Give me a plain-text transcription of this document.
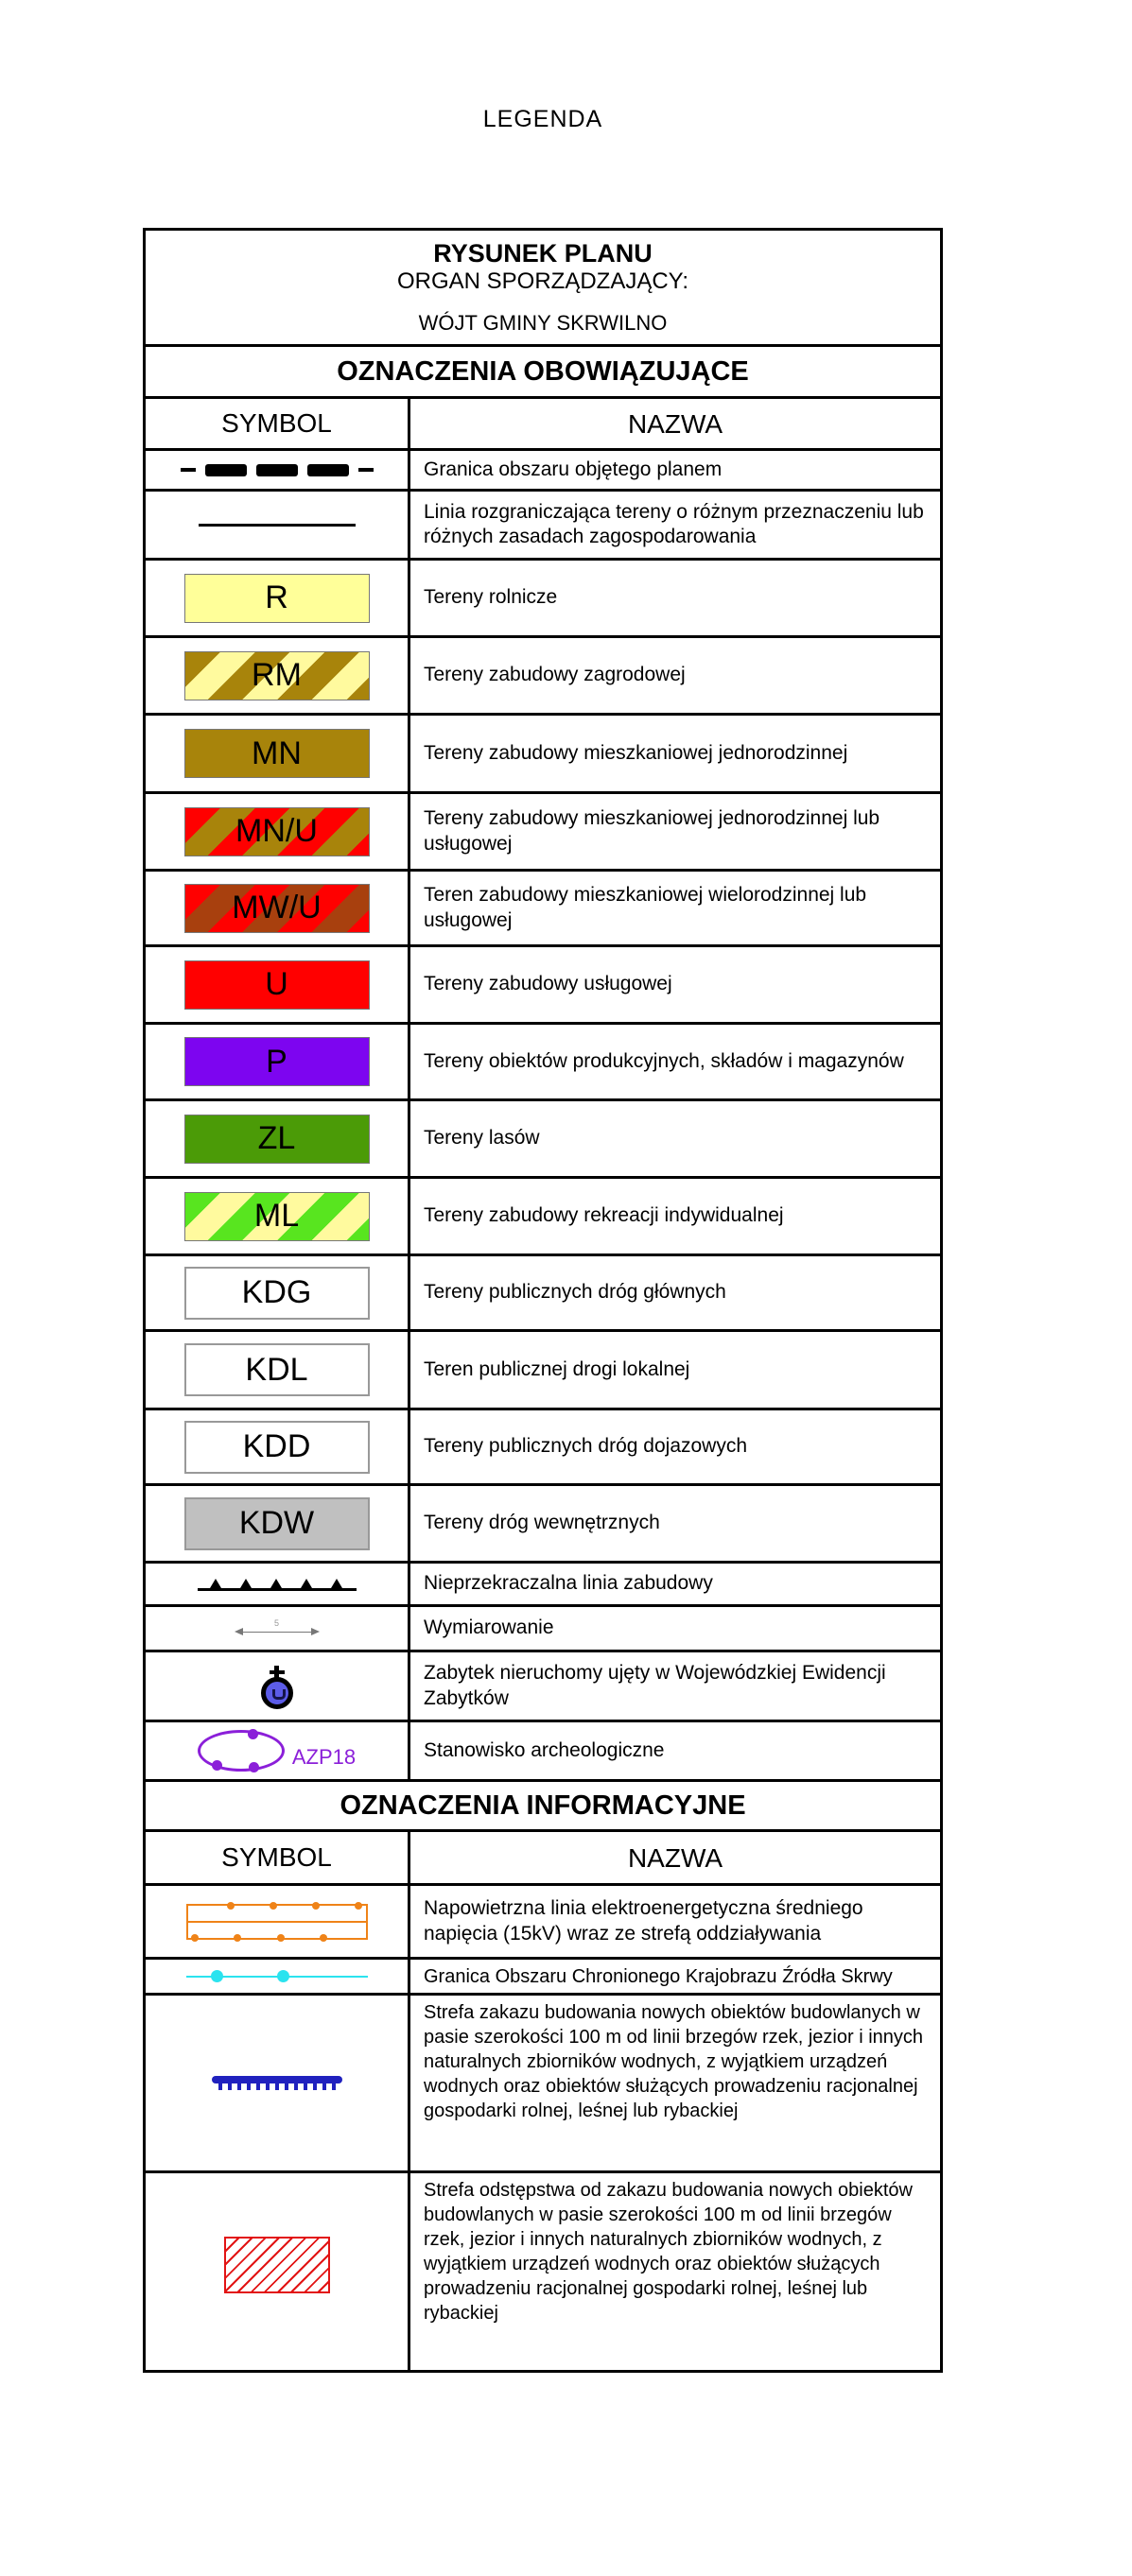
LEGENDA
RYSUNEK PLANU
ORGAN SPORZĄDZAJĄCY:
WÓJT GMINY SKRWILNO
OZNACZENIA OBOWIĄZUJĄCE
SYMBOL	NAZWA
Granica obszaru objętego planem
Linia rozgraniczająca tereny o różnym przeznaczeniu lub różnych zasadach zagospodarowania
R	Tereny rolnicze
RM	Tereny zabudowy zagrodowej
MN	Tereny zabudowy mieszkaniowej jednorodzinnej
MN/U	Tereny zabudowy mieszkaniowej jednorodzinnej lub usługowej
MW/U	Teren zabudowy mieszkaniowej wielorodzinnej lub usługowej
U	Tereny zabudowy usługowej
P	Tereny obiektów produkcyjnych, składów i magazynów
ZL	Tereny lasów
ML	Tereny zabudowy rekreacji indywidualnej
KDG	Tereny publicznych dróg głównych
KDL	Teren publicznej drogi lokalnej
KDD	Tereny publicznych dróg dojazowych
KDW	Tereny dróg wewnętrznych
Nieprzekraczalna linia zabudowy
5	Wymiarowanie
Zabytek nieruchomy ujęty w Wojewódzkiej Ewidencji Zabytków
AZP18	Stanowisko archeologiczne
OZNACZENIA INFORMACYJNE
SYMBOL	NAZWA
Napowietrzna linia elektroenergetyczna średniego napięcia (15kV) wraz ze strefą oddziaływania
Granica Obszaru Chronionego Krajobrazu Źródła Skrwy
Strefa zakazu budowania nowych obiektów budowlanych w pasie szerokości 100 m od linii brzegów rzek, jezior i innych naturalnych zbiorników wodnych, z wyjątkiem urządzeń wodnych oraz obiektów służących prowadzeniu racjonalnej gospodarki rolnej, leśnej lub rybackiej
Strefa odstępstwa od zakazu budowania nowych obiektów budowlanych w pasie szerokości 100 m od linii brzegów rzek, jezior i innych naturalnych zbiorników wodnych, z wyjątkiem urządzeń wodnych oraz obiektów służących prowadzeniu racjonalnej gospodarki rolnej, leśnej lub rybackiej
